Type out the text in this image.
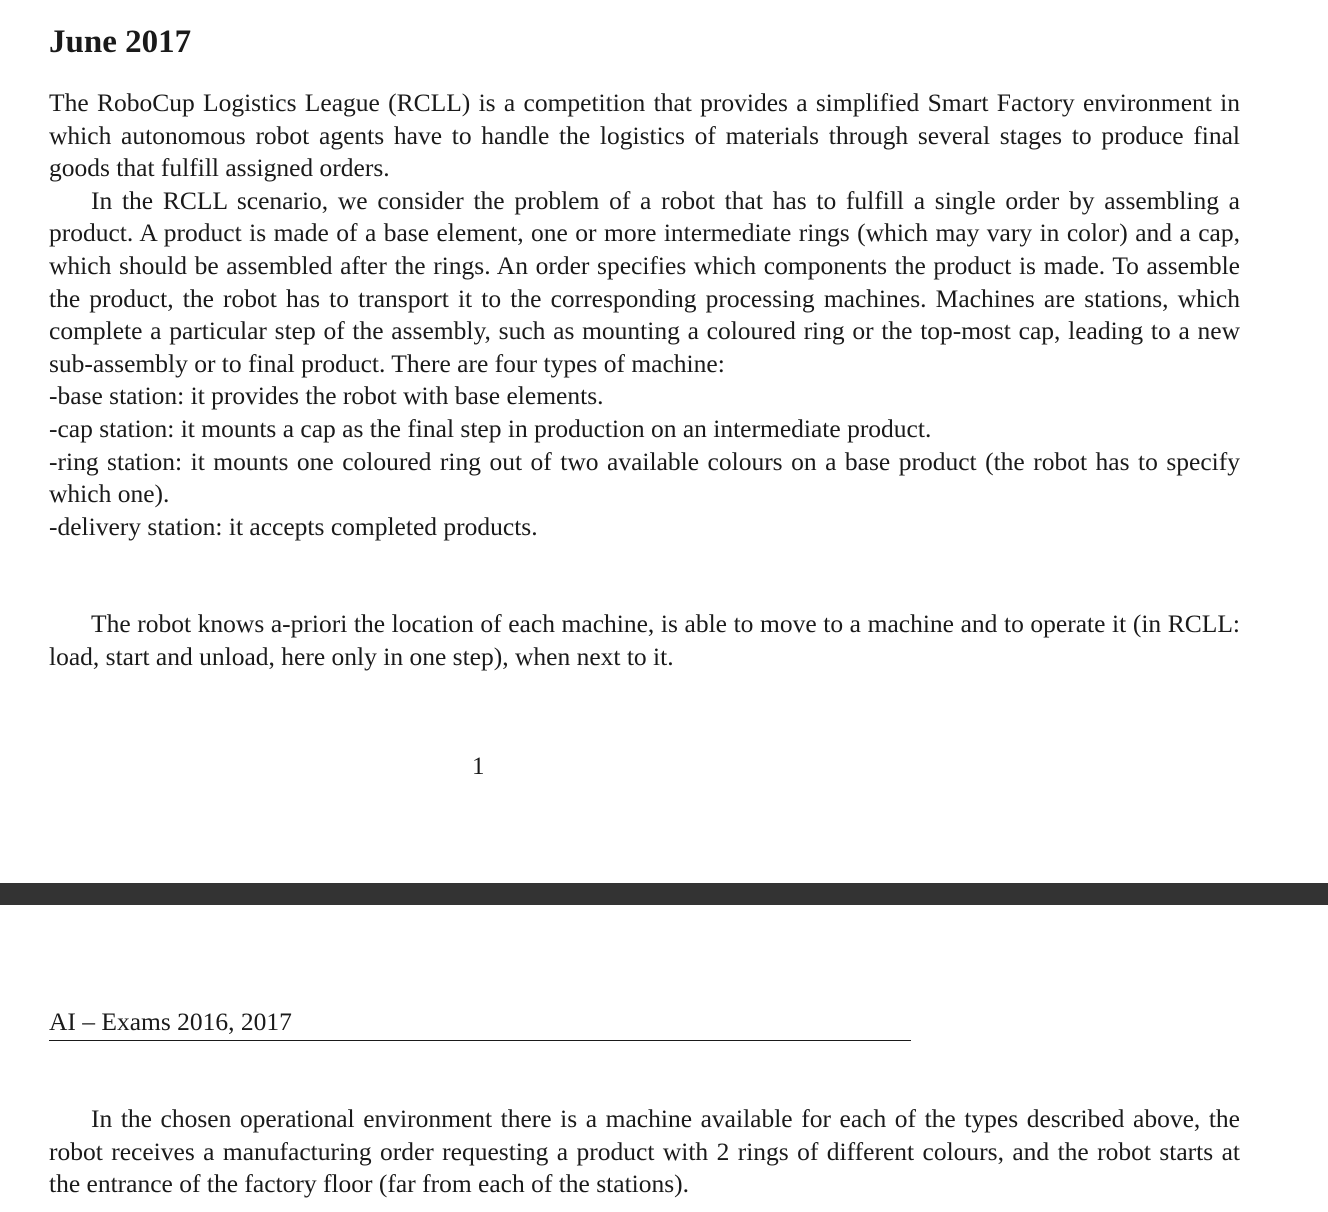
June 2017

The RoboCup Logistics League (RCLL) is a competition that provides a simplified Smart Factory environment in which autonomous robot agents have to handle the logistics of materials through several stages to produce final goods that fulfill assigned orders.

In the RCLL scenario, we consider the problem of a robot that has to fulfill a single order by assembling a product. A product is made of a base element, one or more intermediate rings (which may vary in color) and a cap, which should be assembled after the rings. An order specifies which components the product is made. To assemble the product, the robot has to transport it to the corresponding processing machines. Machines are stations, which complete a particular step of the assembly, such as mounting a coloured ring or the top-most cap, leading to a new sub-assembly or to final product. There are four types of machine:

-base station: it provides the robot with base elements.
-cap station: it mounts a cap as the final step in production on an intermediate product.
-ring station: it mounts one coloured ring out of two available colours on a base product (the robot has to specify which one).
-delivery station: it accepts completed products.

The robot knows a-priori the location of each machine, is able to move to a machine and to operate it (in RCLL: load, start and unload, here only in one step), when next to it.

1
AI – Exams 2016, 2017

In the chosen operational environment there is a machine available for each of the types described above, the robot receives a manufacturing order requesting a product with 2 rings of different colours, and the robot starts at the entrance of the factory floor (far from each of the stations).
